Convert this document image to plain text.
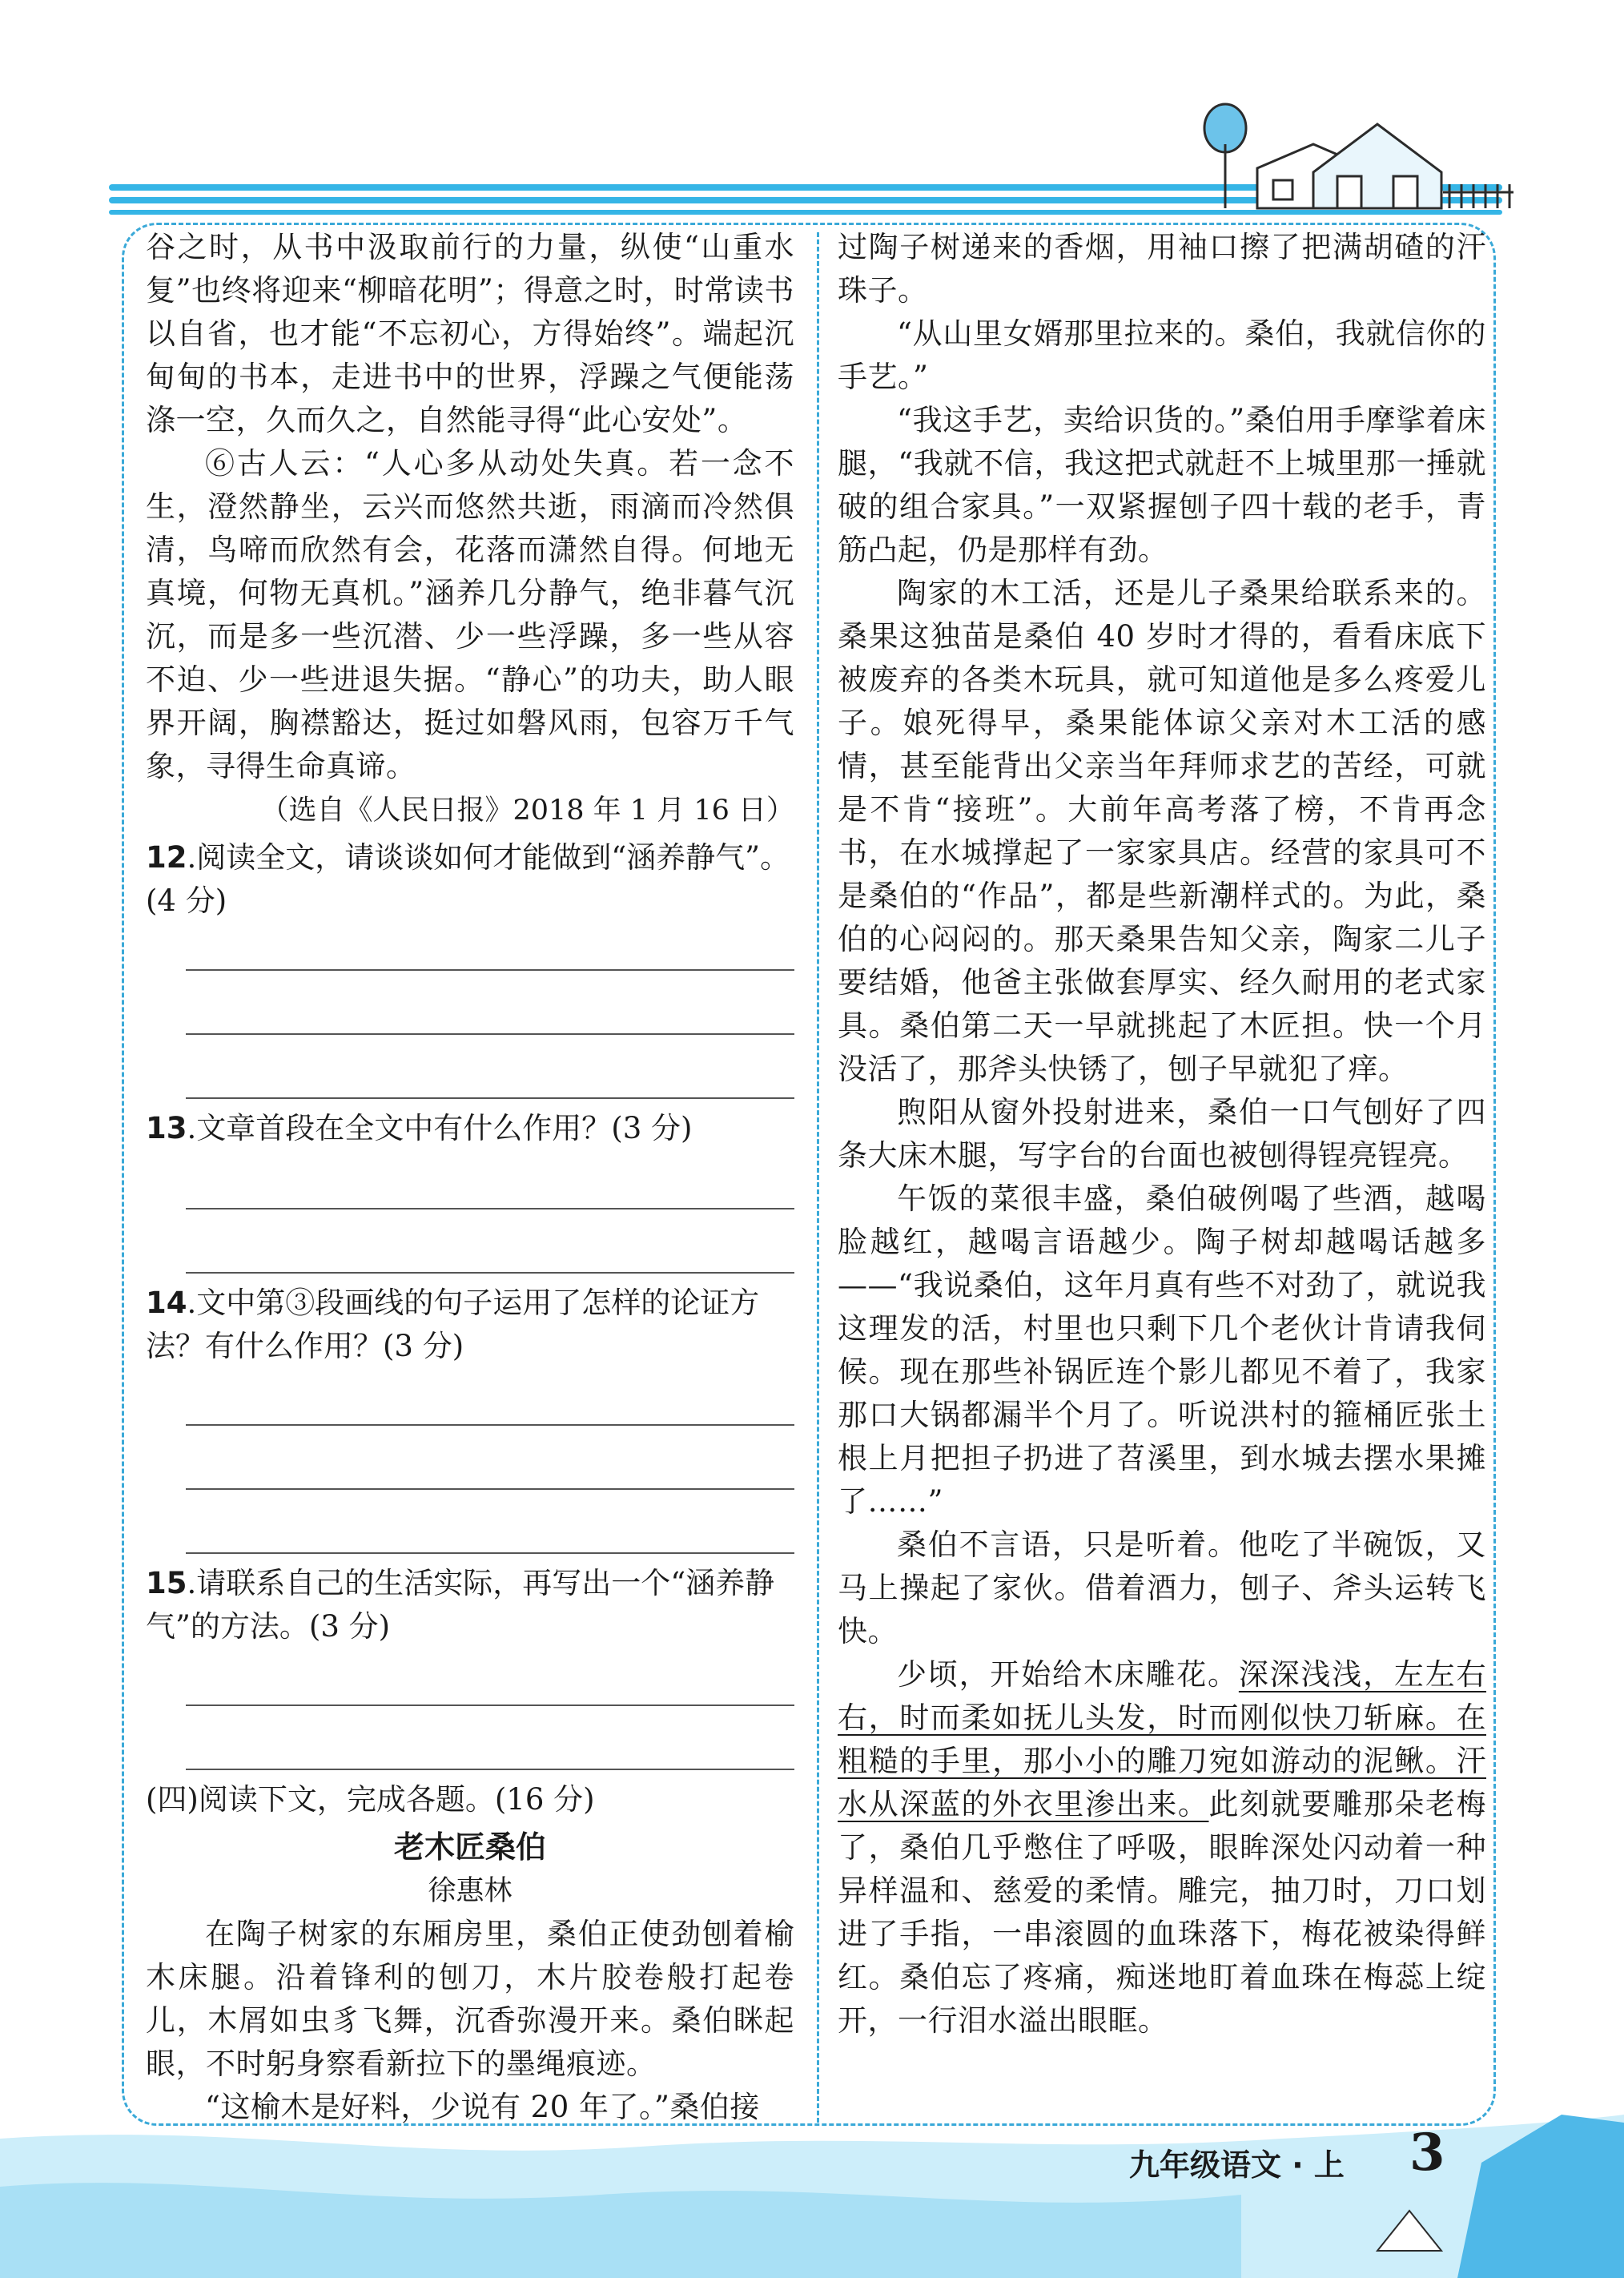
谷之时，从书中汲取前行的力量，纵使“山重水复”也终将迎来“柳暗花明”；得意之时，时常读书以自省，也才能“不忘初心，方得始终”。端起沉甸甸的书本，走进书中的世界，浮躁之气便能荡涤一空，久而久之，自然能寻得“此心安处”。

⑥古人云：“人心多从动处失真。若一念不生，澄然静坐，云兴而悠然共逝，雨滴而冷然俱清，鸟啼而欣然有会，花落而潇然自得。何地无真境，何物无真机。”涵养几分静气，绝非暮气沉沉，而是多一些沉潜、少一些浮躁，多一些从容不迫、少一些进退失据。“静心”的功夫，助人眼界开阔，胸襟豁达，挺过如磐风雨，包容万千气象，寻得生命真谛。

（选自《人民日报》2018 年 1 月 16 日）

12.阅读全文，请谈谈如何才能做到“涵养静气”。(4 分)

13.文章首段在全文中有什么作用？(3 分)

14.文中第③段画线的句子运用了怎样的论证方法？有什么作用？(3 分)

15.请联系自己的生活实际，再写出一个“涵养静气”的方法。(3 分)

(四)阅读下文，完成各题。(16 分)

老木匠桑伯

徐惠林

在陶子树家的东厢房里，桑伯正使劲刨着榆木床腿。沿着锋利的刨刀，木片胶卷般打起卷儿，木屑如虫豸飞舞，沉香弥漫开来。桑伯眯起眼，不时躬身察看新拉下的墨绳痕迹。

“这榆木是好料，少说有 20 年了。”桑伯接

过陶子树递来的香烟，用袖口擦了把满胡碴的汗珠子。

“从山里女婿那里拉来的。桑伯，我就信你的手艺。”

“我这手艺，卖给识货的。”桑伯用手摩挲着床腿，“我就不信，我这把式就赶不上城里那一捶就破的组合家具。”一双紧握刨子四十载的老手，青筋凸起，仍是那样有劲。

陶家的木工活，还是儿子桑果给联系来的。桑果这独苗是桑伯 40 岁时才得的，看看床底下被废弃的各类木玩具，就可知道他是多么疼爱儿子。娘死得早，桑果能体谅父亲对木工活的感情，甚至能背出父亲当年拜师求艺的苦经，可就是不肯“接班”。大前年高考落了榜，不肯再念书，在水城撑起了一家家具店。经营的家具可不是桑伯的“作品”，都是些新潮样式的。为此，桑伯的心闷闷的。那天桑果告知父亲，陶家二儿子要结婚，他爸主张做套厚实、经久耐用的老式家具。桑伯第二天一早就挑起了木匠担。快一个月没活了，那斧头快锈了，刨子早就犯了痒。

煦阳从窗外投射进来，桑伯一口气刨好了四条大床木腿，写字台的台面也被刨得锃亮锃亮。

午饭的菜很丰盛，桑伯破例喝了些酒，越喝脸越红，越喝言语越少。陶子树却越喝话越多——“我说桑伯，这年月真有些不对劲了，就说我这理发的活，村里也只剩下几个老伙计肯请我伺候。现在那些补锅匠连个影儿都见不着了，我家那口大锅都漏半个月了。听说洪村的箍桶匠张土根上月把担子扔进了苕溪里，到水城去摆水果摊了……”

桑伯不言语，只是听着。他吃了半碗饭，又马上操起了家伙。借着酒力，刨子、斧头运转飞快。

少顷，开始给木床雕花。深深浅浅，左左右右，时而柔如抚儿头发，时而刚似快刀斩麻。在粗糙的手里，那小小的雕刀宛如游动的泥鳅。汗水从深蓝的外衣里渗出来。此刻就要雕那朵老梅了，桑伯几乎憋住了呼吸，眼眸深处闪动着一种异样温和、慈爱的柔情。雕完，抽刀时，刀口划进了手指，一串滚圆的血珠落下，梅花被染得鲜红。桑伯忘了疼痛，痴迷地盯着血珠在梅蕊上绽开，一行泪水溢出眼眶。

九年级语文 · 上 3
